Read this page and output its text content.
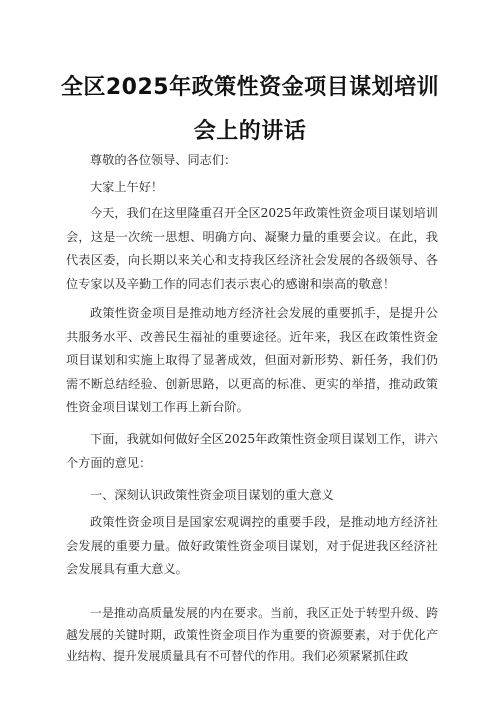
全区2025年政策性资金项目谋划培训
会上的讲话

尊敬的各位领导、同志们：

大家上午好！

今天，我们在这里隆重召开全区2025年政策性资金项目谋划培训会，这是一次统一思想、明确方向、凝聚力量的重要会议。在此，我代表区委，向长期以来关心和支持我区经济社会发展的各级领导、各位专家以及辛勤工作的同志们表示衷心的感谢和崇高的敬意！

政策性资金项目是推动地方经济社会发展的重要抓手，是提升公共服务水平、改善民生福祉的重要途径。近年来，我区在政策性资金项目谋划和实施上取得了显著成效，但面对新形势、新任务，我们仍需不断总结经验、创新思路，以更高的标准、更实的举措，推动政策性资金项目谋划工作再上新台阶。

下面，我就如何做好全区2025年政策性资金项目谋划工作，讲六个方面的意见：

一、深刻认识政策性资金项目谋划的重大意义

政策性资金项目是国家宏观调控的重要手段，是推动地方经济社会发展的重要力量。做好政策性资金项目谋划，对于促进我区经济社会发展具有重大意义。

一是推动高质量发展的内在要求。当前，我区正处于转型升级、跨越发展的关键时期，政策性资金项目作为重要的资源要素，对于优化产业结构、提升发展质量具有不可替代的作用。我们必须紧紧抓住政
